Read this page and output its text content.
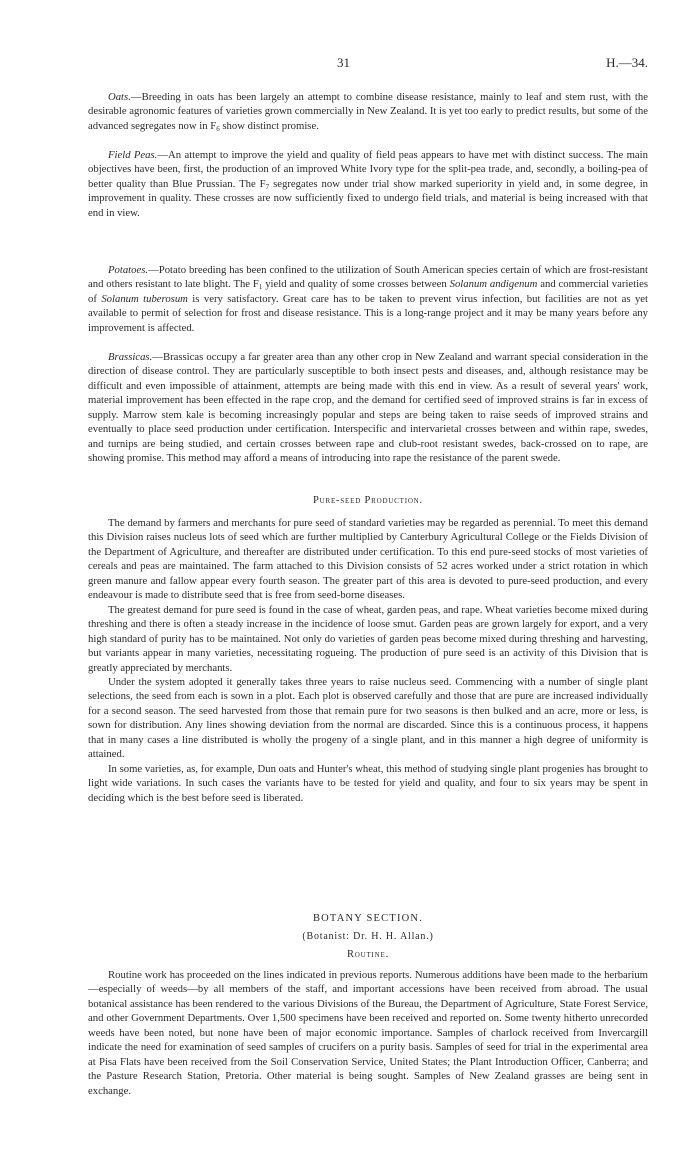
31	H.—34.

Oats.—Breeding in oats has been largely an attempt to combine disease resistance, mainly to leaf and stem rust, with the desirable agronomic features of varieties grown commercially in New Zealand. It is yet too early to predict results, but some of the advanced segregates now in $F_6$ show distinct promise.

Field Peas.—An attempt to improve the yield and quality of field peas appears to have met with distinct success. The main objectives have been, first, the production of an improved White Ivory type for the split-pea trade, and, secondly, a boiling-pea of better quality than Blue Prussian. The $F_7$ segregates now under trial show marked superiority in yield and, in some degree, in improvement in quality. These crosses are now sufficiently fixed to undergo field trials, and material is being increased with that end in view.

Potatoes.—Potato breeding has been confined to the utilization of South American species certain of which are frost-resistant and others resistant to late blight. The $F_1$ yield and quality of some crosses between Solanum andigenum and commercial varieties of Solanum tuberosum is very satisfactory. Great care has to be taken to prevent virus infection, but facilities are not as yet available to permit of selection for frost and disease resistance. This is a long-range project and it may be many years before any improvement is affected.

Brassicas.—Brassicas occupy a far greater area than any other crop in New Zealand and warrant special consideration in the direction of disease control. They are particularly susceptible to both insect pests and diseases, and, although resistance may be difficult and even impossible of attainment, attempts are being made with this end in view. As a result of several years' work, material improvement has been effected in the rape crop, and the demand for certified seed of improved strains is far in excess of supply. Marrow stem kale is becoming increasingly popular and steps are being taken to raise seeds of improved strains and eventually to place seed production under certification. Interspecific and intervarietal crosses between and within rape, swedes, and turnips are being studied, and certain crosses between rape and club-root resistant swedes, back-crossed on to rape, are showing promise. This method may afford a means of introducing into rape the resistance of the parent swede.

Pure-seed Production.

The demand by farmers and merchants for pure seed of standard varieties may be regarded as perennial. To meet this demand this Division raises nucleus lots of seed which are further multiplied by Canterbury Agricultural College or the Fields Division of the Department of Agriculture, and thereafter are distributed under certification. To this end pure-seed stocks of most varieties of cereals and peas are maintained. The farm attached to this Division consists of 52 acres worked under a strict rotation in which green manure and fallow appear every fourth season. The greater part of this area is devoted to pure-seed production, and every endeavour is made to distribute seed that is free from seed-borne diseases.

The greatest demand for pure seed is found in the case of wheat, garden peas, and rape. Wheat varieties become mixed during threshing and there is often a steady increase in the incidence of loose smut. Garden peas are grown largely for export, and a very high standard of purity has to be maintained. Not only do varieties of garden peas become mixed during threshing and harvesting, but variants appear in many varieties, necessitating rogueing. The production of pure seed is an activity of this Division that is greatly appreciated by merchants.

Under the system adopted it generally takes three years to raise nucleus seed. Commencing with a number of single plant selections, the seed from each is sown in a plot. Each plot is observed carefully and those that are pure are increased individually for a second season. The seed harvested from those that remain pure for two seasons is then bulked and an acre, more or less, is sown for distribution. Any lines showing deviation from the normal are discarded. Since this is a continuous process, it happens that in many cases a line distributed is wholly the progeny of a single plant, and in this manner a high degree of uniformity is attained.

In some varieties, as, for example, Dun oats and Hunter's wheat, this method of studying single plant progenies has brought to light wide variations. In such cases the variants have to be tested for yield and quality, and four to six years may be spent in deciding which is the best before seed is liberated.

BOTANY SECTION.
(Botanist: Dr. H. H. Allan.)
Routine.

Routine work has proceeded on the lines indicated in previous reports. Numerous additions have been made to the herbarium—especially of weeds—by all members of the staff, and important accessions have been received from abroad. The usual botanical assistance has been rendered to the various Divisions of the Bureau, the Department of Agriculture, State Forest Service, and other Government Departments. Over 1,500 specimens have been received and reported on. Some twenty hitherto unrecorded weeds have been noted, but none have been of major economic importance. Samples of charlock received from Invercargill indicate the need for examination of seed samples of crucifers on a purity basis. Samples of seed for trial in the experimental area at Pisa Flats have been received from the Soil Conservation Service, United States; the Plant Introduction Officer, Canberra; and the Pasture Research Station, Pretoria. Other material is being sought. Samples of New Zealand grasses are being sent in exchange.
